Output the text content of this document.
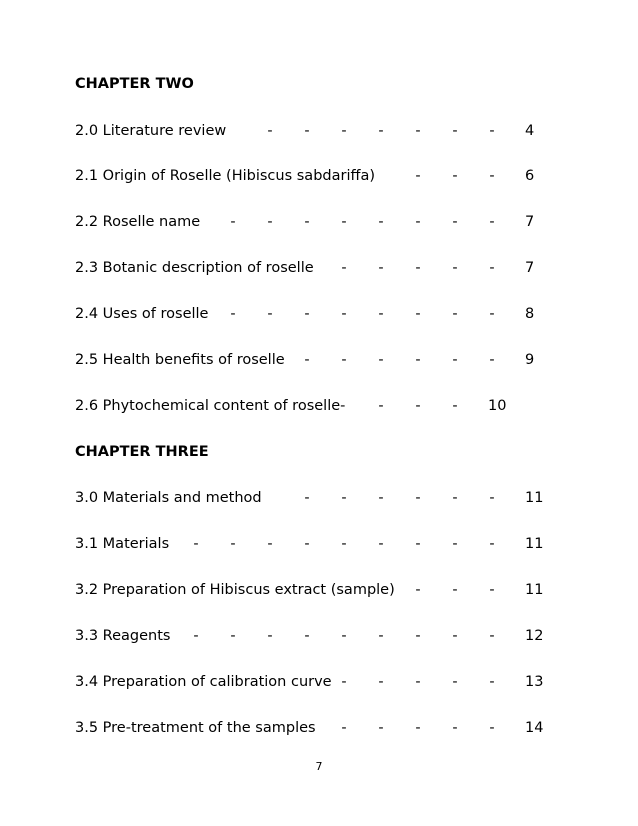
CHAPTER TWO
2.0 Literature review	- - - - - - - 4
2.1 Origin of Roselle (Hibiscus sabdariffa)	- - - 6
2.2 Roselle name - - - - - - - - 7
2.3 Botanic description of roselle - - - - - 7
2.4 Uses of roselle - - - - - - - - 8
2.5 Health benefits of roselle - - - - - - 9
2.6 Phytochemical content of roselle- - - - 10
CHAPTER THREE
3.0 Materials and method	- - - - - - 11
3.1 Materials - - - - - - - - - 11
3.2 Preparation of Hibiscus extract (sample) - - - 11
3.3 Reagents - - - - - - - - - 12
3.4 Preparation of calibration curve - - - - - 13
3.5 Pre-treatment of the samples - - - - - 14
7
